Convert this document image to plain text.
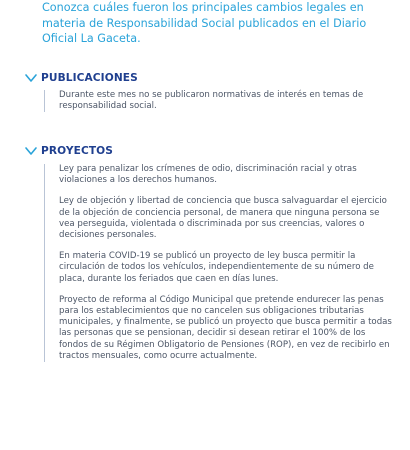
Conozca cuáles fueron los principales cambios legales en materia de Responsabilidad Social publicados en el Diario Oficial La Gaceta.

PUBLICACIONES

Durante este mes no se publicaron normativas de interés en temas de responsabilidad social.

PROYECTOS

Ley para penalizar los crímenes de odio, discriminación racial y otras violaciones a los derechos humanos.

Ley de objeción y libertad de conciencia que busca salvaguardar el ejercicio de la objeción de conciencia personal, de manera que ninguna persona se vea perseguida, violentada o discriminada por sus creencias, valores o decisiones personales.

En materia COVID-19 se publicó un proyecto de ley busca permitir la circulación de todos los vehículos, independientemente de su número de placa, durante los feriados que caen en días lunes.

Proyecto de reforma al Código Municipal que pretende endurecer las penas para los establecimientos que no cancelen sus obligaciones tributarias municipales, y finalmente, se publicó un proyecto que busca permitir a todas las personas que se pensionan, decidir si desean retirar el 100% de los fondos de su Régimen Obligatorio de Pensiones (ROP), en vez de recibirlo en tractos mensuales, como ocurre actualmente.
